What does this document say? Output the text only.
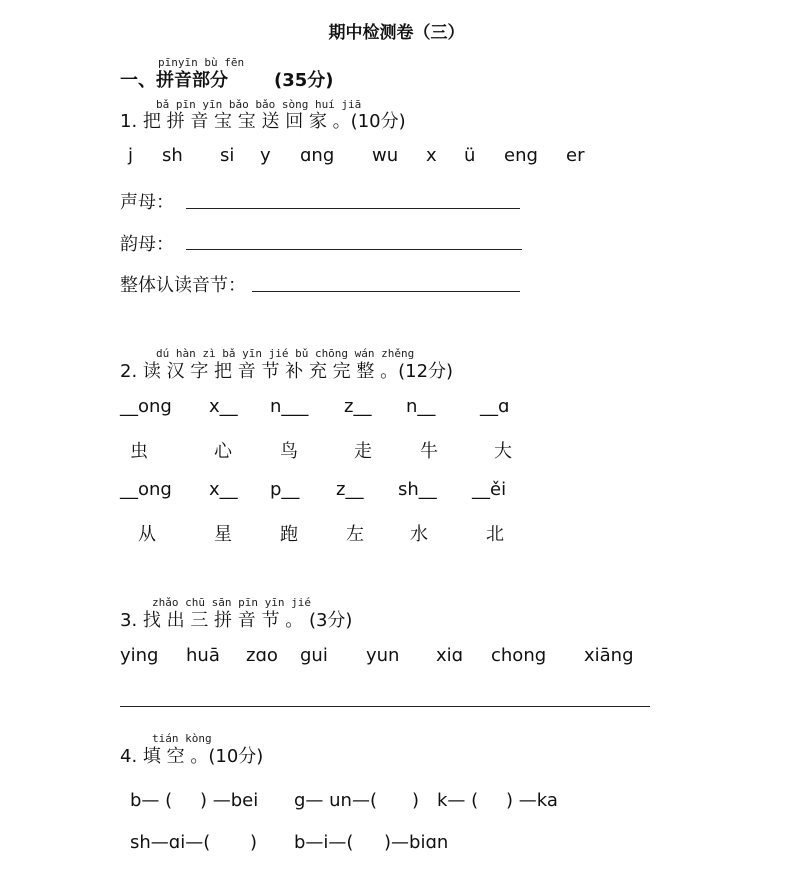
期中检测卷（三）
pīnyīn bù fēn
一、拼音部分	(35分)
bǎ pīn yīn bǎo bǎo sòng huí jiā
1. 把 拼 音 宝 宝 送 回 家 。(10分)
j sh si y ɑng wu x ü eng er
声母：
韵母：
整体认读音节：
dú hàn zì bǎ yīn jié bǔ chōng wán zhěng
2. 读 汉 字 把 音 节 补 充 完 整 。(12分)
__ong x__ n___ z__ n__ __ɑ
虫	心	鸟	走	牛	大
__ong x__ p__ z__ sh__ __ěi
从	星	跑	左	水	北
zhǎo chū sān pīn yīn jié
3. 找 出 三 拼 音 节 。 (3分)
ying huā zɑo gui yun xiɑ chong xiāng
tián kòng
4. 填 空 。(10分)
b— ( ) —bei g— un—( ) k— ( ) —ka
sh—ɑi—( ) b—i—( )—biɑn
